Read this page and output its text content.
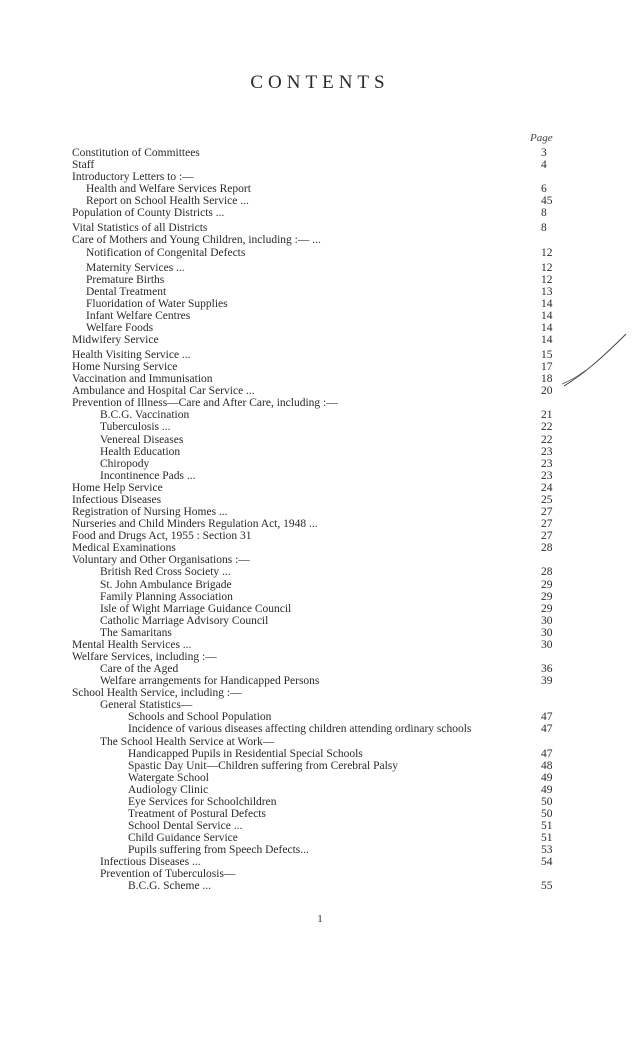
CONTENTS
Page
Constitution of Committees	3
Staff	4
Introductory Letters to :—
Health and Welfare Services Report	6
Report on School Health Service ...	45
Population of County Districts ...	8
Vital Statistics of all Districts	8
Care of Mothers and Young Children, including :— ...
Notification of Congenital Defects	12
Maternity Services ...	12
Premature Births	12
Dental Treatment	13
Fluoridation of Water Supplies	14
Infant Welfare Centres	14
Welfare Foods	14
Midwifery Service	14
Health Visiting Service ...	15
Home Nursing Service	17
Vaccination and Immunisation	18
Ambulance and Hospital Car Service ...	20
Prevention of Illness—Care and After Care, including :—
B.C.G. Vaccination	21
Tuberculosis ...	22
Venereal Diseases	22
Health Education	23
Chiropody	23
Incontinence Pads ...	23
Home Help Service	24
Infectious Diseases	25
Registration of Nursing Homes ...	27
Nurseries and Child Minders Regulation Act, 1948 ...	27
Food and Drugs Act, 1955 : Section 31	27
Medical Examinations	28
Voluntary and Other Organisations :—
British Red Cross Society ...	28
St. John Ambulance Brigade	29
Family Planning Association	29
Isle of Wight Marriage Guidance Council	29
Catholic Marriage Advisory Council	30
The Samaritans	30
Mental Health Services ...	30
Welfare Services, including :—
Care of the Aged	36
Welfare arrangements for Handicapped Persons	39
School Health Service, including :—
General Statistics—
Schools and School Population	47
Incidence of various diseases affecting children attending ordinary schools	47
The School Health Service at Work—
Handicapped Pupils in Residential Special Schools	47
Spastic Day Unit—Children suffering from Cerebral Palsy	48
Watergate School	49
Audiology Clinic	49
Eye Services for Schoolchildren	50
Treatment of Postural Defects	50
School Dental Service ...	51
Child Guidance Service	51
Pupils suffering from Speech Defects...	53
Infectious Diseases ...	54
Prevention of Tuberculosis—
B.C.G. Scheme ...	55
1
